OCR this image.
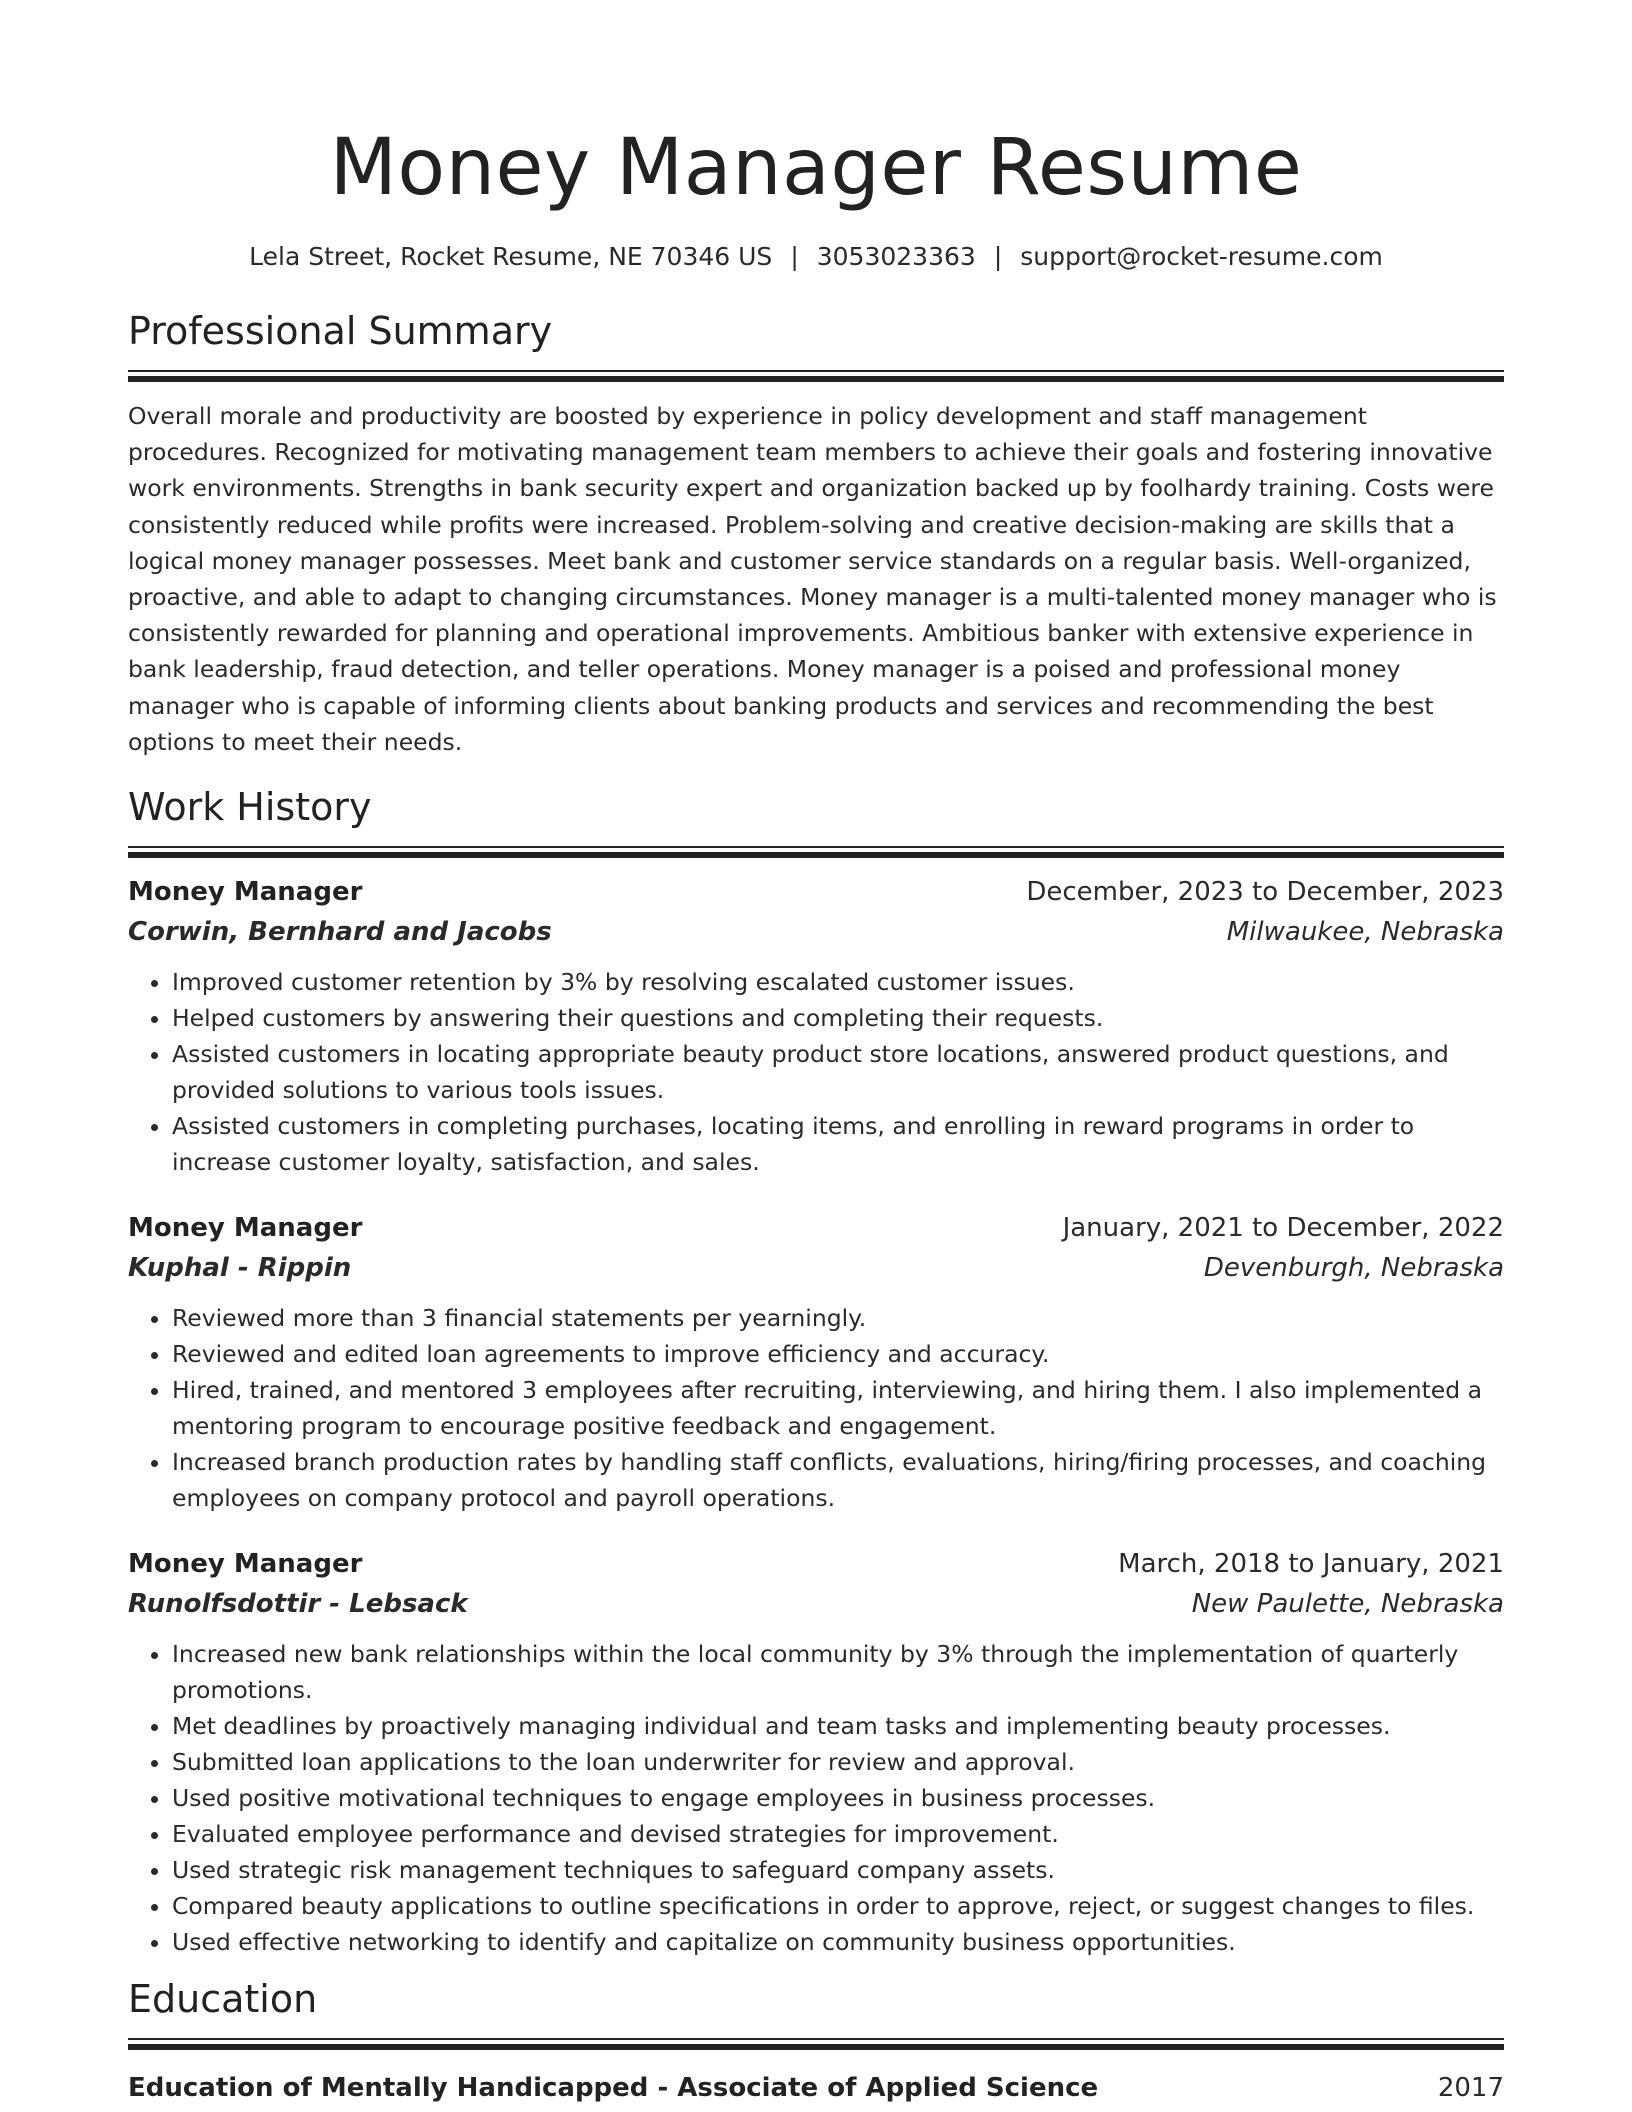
Money Manager Resume
Lela Street, Rocket Resume, NE 70346 US | 3053023363 | support@rocket-resume.com
Professional Summary

Overall morale and productivity are boosted by experience in policy development and staff management procedures. Recognized for motivating management team members to achieve their goals and fostering innovative work environments. Strengths in bank security expert and organization backed up by foolhardy training. Costs were consistently reduced while profits were increased. Problem-solving and creative decision-making are skills that a logical money manager possesses. Meet bank and customer service standards on a regular basis. Well-organized, proactive, and able to adapt to changing circumstances. Money manager is a multi-talented money manager who is consistently rewarded for planning and operational improvements. Ambitious banker with extensive experience in bank leadership, fraud detection, and teller operations. Money manager is a poised and professional money manager who is capable of informing clients about banking products and services and recommending the best options to meet their needs.

Work History
Money Manager	December, 2023 to December, 2023
Corwin, Bernhard and Jacobs	Milwaukee, Nebraska
• Improved customer retention by 3% by resolving escalated customer issues.
• Helped customers by answering their questions and completing their requests.
• Assisted customers in locating appropriate beauty product store locations, answered product questions, and provided solutions to various tools issues.
• Assisted customers in completing purchases, locating items, and enrolling in reward programs in order to increase customer loyalty, satisfaction, and sales.
Money Manager	January, 2021 to December, 2022
Kuphal - Rippin	Devenburgh, Nebraska
• Reviewed more than 3 financial statements per yearningly.
• Reviewed and edited loan agreements to improve efficiency and accuracy.
• Hired, trained, and mentored 3 employees after recruiting, interviewing, and hiring them. I also implemented a mentoring program to encourage positive feedback and engagement.
• Increased branch production rates by handling staff conflicts, evaluations, hiring/firing processes, and coaching employees on company protocol and payroll operations.
Money Manager	March, 2018 to January, 2021
Runolfsdottir - Lebsack	New Paulette, Nebraska
• Increased new bank relationships within the local community by 3% through the implementation of quarterly promotions.
• Met deadlines by proactively managing individual and team tasks and implementing beauty processes.
• Submitted loan applications to the loan underwriter for review and approval.
• Used positive motivational techniques to engage employees in business processes.
• Evaluated employee performance and devised strategies for improvement.
• Used strategic risk management techniques to safeguard company assets.
• Compared beauty applications to outline specifications in order to approve, reject, or suggest changes to files.
• Used effective networking to identify and capitalize on community business opportunities.
Education
Education of Mentally Handicapped - Associate of Applied Science	2017
